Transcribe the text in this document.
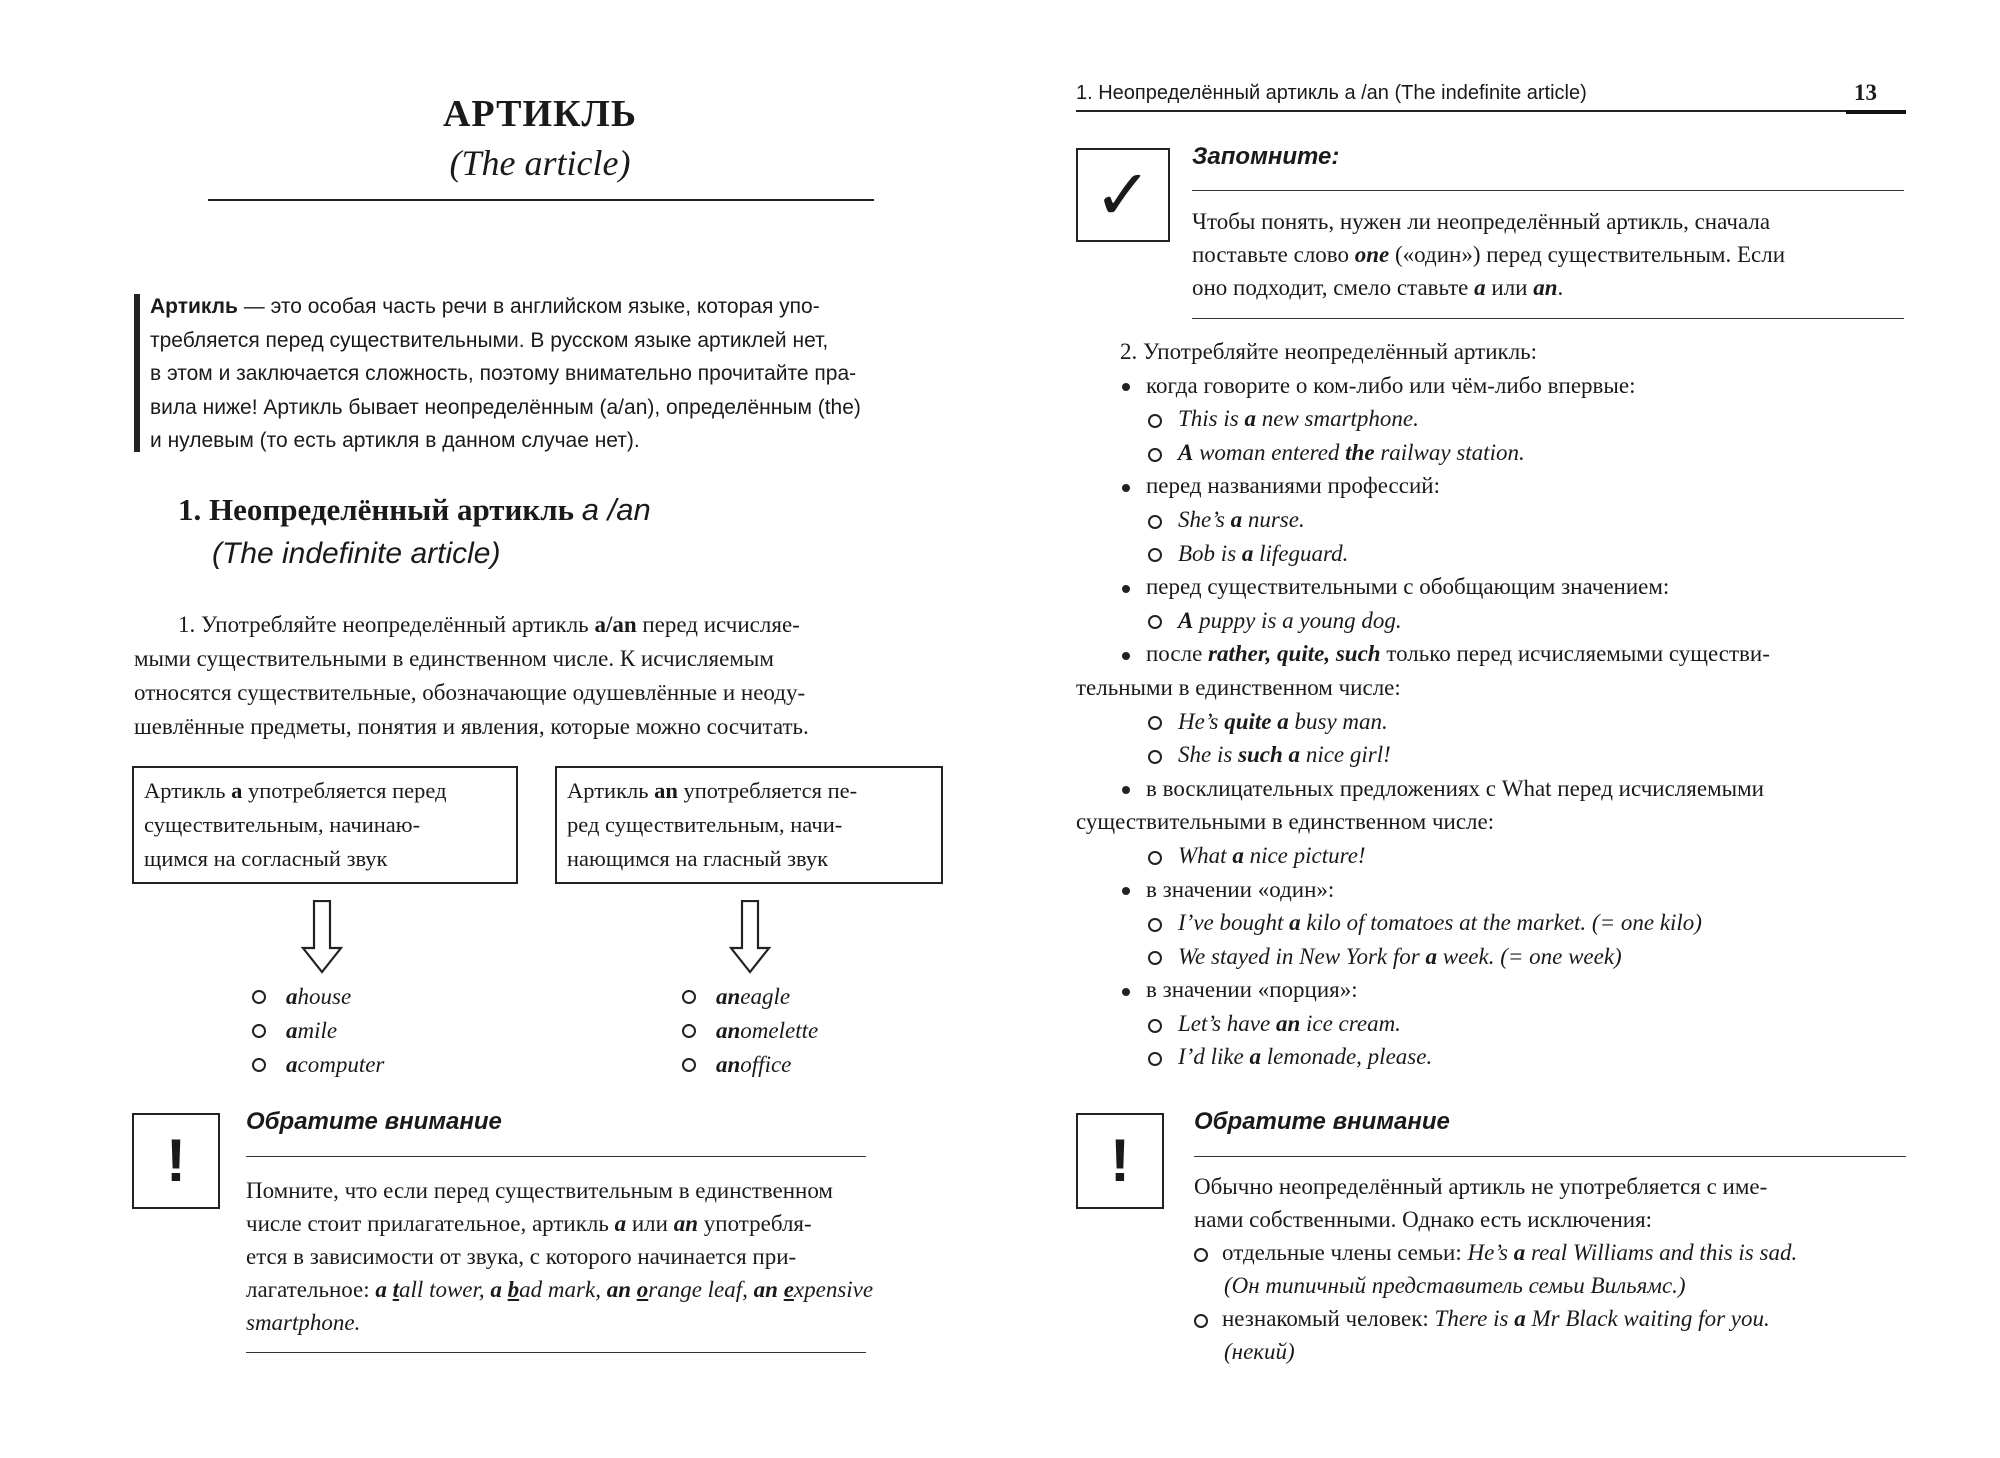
АРТИКЛЬ
(The article)
Артикль — это особая часть речи в английском языке, которая упо-
требляется перед существительными. В русском языке артиклей нет,
в этом и заключается сложность, поэтому внимательно прочитайте пра-
вила ниже! Артикль бывает неопределённым (a/an), определённым (the)
и нулевым (то есть артикля в данном случае нет).
1. Неопределённый артикль a /an
(The indefinite article)
1. Употребляйте неопределённый артикль a/an перед исчисляе-
мыми существительными в единственном числе. К исчисляемым
относятся существительные, обозначающие одушевлённые и неоду-
шевлённые предметы, понятия и явления, которые можно сосчитать.
Артикль a употребляется перед
существительным, начинаю-
щимся на согласный звук
Артикль an употребляется пе-
ред существительным, начи-
нающимся на гласный звук
a house
a mile
a computer
an eagle
an omelette
an office
!
Обратите внимание
Помните, что если перед существительным в единственном
числе стоит прилагательное, артикль a или an употребля-
ется в зависимости от звука, с которого начинается при-
лагательное: a tall tower, a bad mark, an orange leaf, an expensive
smartphone.
1. Неопределённый артикль a /an (The indefinite article)	13
✓ Запомните:
Чтобы понять, нужен ли неопределённый артикль, сначала
поставьте слово one («один») перед существительным. Если
оно подходит, смело ставьте a или an.
2. Употребляйте неопределённый артикль:
когда говорите о ком-либо или чём-либо впервые:
This is a new smartphone.
A woman entered the railway station.
перед названиями профессий:
She’s a nurse.
Bob is a lifeguard.
перед существительными с обобщающим значением:
A puppy is a young dog.
после rather, quite, such только перед исчисляемыми существи-
тельными в единственном числе:
He’s quite a busy man.
She is such a nice girl!
в восклицательных предложениях с What перед исчисляемыми
существительными в единственном числе:
What a nice picture!
в значении «один»:
I’ve bought a kilo of tomatoes at the market. (= one kilo)
We stayed in New York for a week. (= one week)
в значении «порция»:
Let’s have an ice cream.
I’d like a lemonade, please.
!
Обратите внимание
Обычно неопределённый артикль не употребляется с име-
нами собственными. Однако есть исключения:
отдельные члены семьи: He’s a real Williams and this is sad.
(Он типичный представитель семьи Вильямс.)
незнакомый человек: There is a Mr Black waiting for you.
(некий)
